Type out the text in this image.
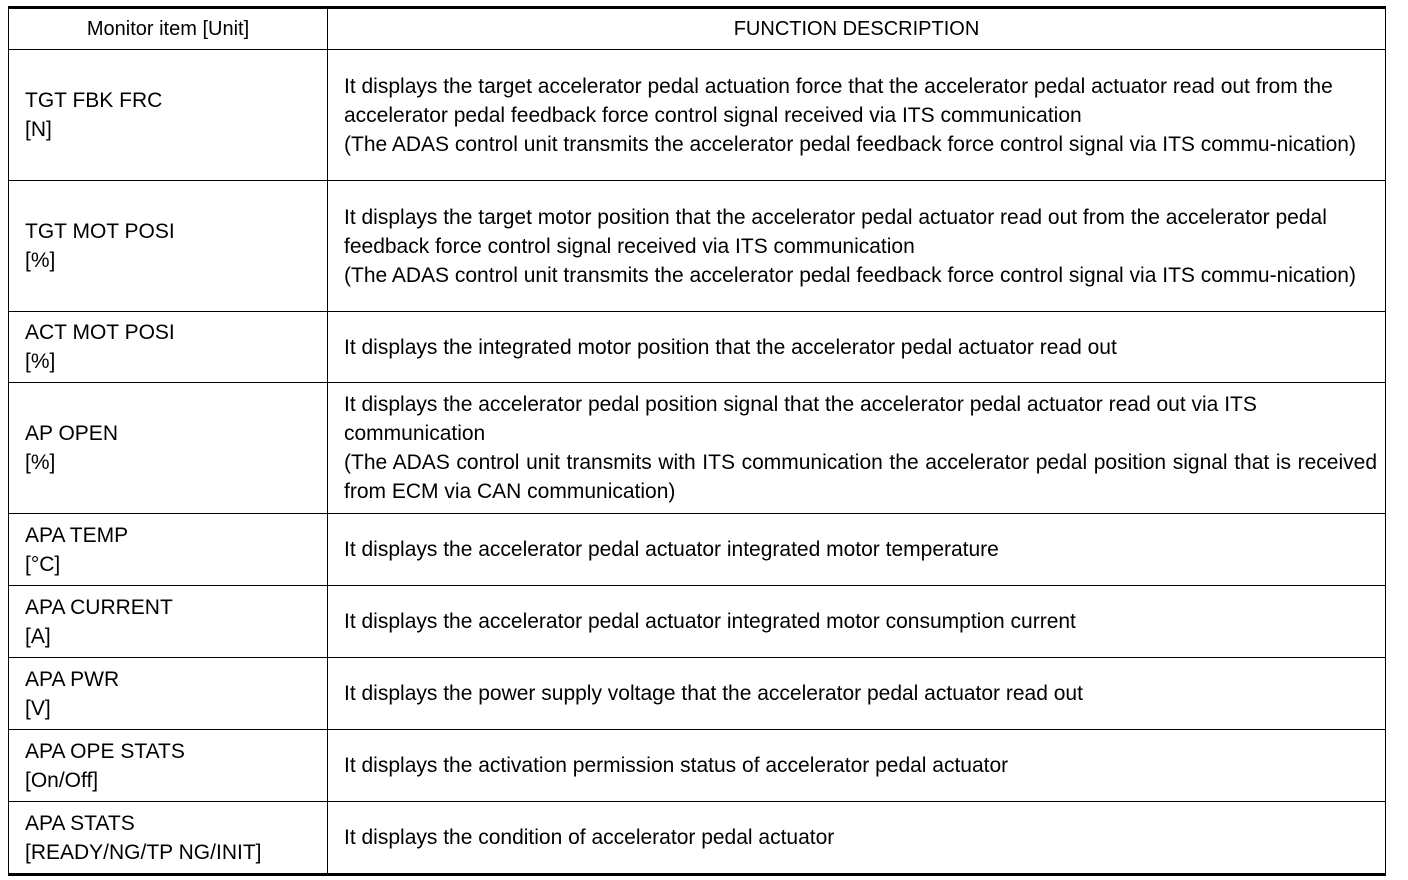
Monitor item [Unit]	FUNCTION DESCRIPTION

TGT FBK FRC
[N]	It displays the target accelerator pedal actuation force that the accelerator pedal actuator read out from the accelerator pedal feedback force control signal received via ITS communication
(The ADAS control unit transmits the accelerator pedal feedback force control signal via ITS commu-nication)

TGT MOT POSI
[%]	It displays the target motor position that the accelerator pedal actuator read out from the accelerator pedal feedback force control signal received via ITS communication
(The ADAS control unit transmits the accelerator pedal feedback force control signal via ITS commu-nication)

ACT MOT POSI
[%]	It displays the integrated motor position that the accelerator pedal actuator read out

AP OPEN
[%]	It displays the accelerator pedal position signal that the accelerator pedal actuator read out via ITS communication
(The ADAS control unit transmits with ITS communication the accelerator pedal position signal that is received from ECM via CAN communication)

APA TEMP
[°C]	It displays the accelerator pedal actuator integrated motor temperature

APA CURRENT
[A]	It displays the accelerator pedal actuator integrated motor consumption current

APA PWR
[V]	It displays the power supply voltage that the accelerator pedal actuator read out

APA OPE STATS
[On/Off]	It displays the activation permission status of accelerator pedal actuator

APA STATS
[READY/NG/TP NG/INIT]	It displays the condition of accelerator pedal actuator
